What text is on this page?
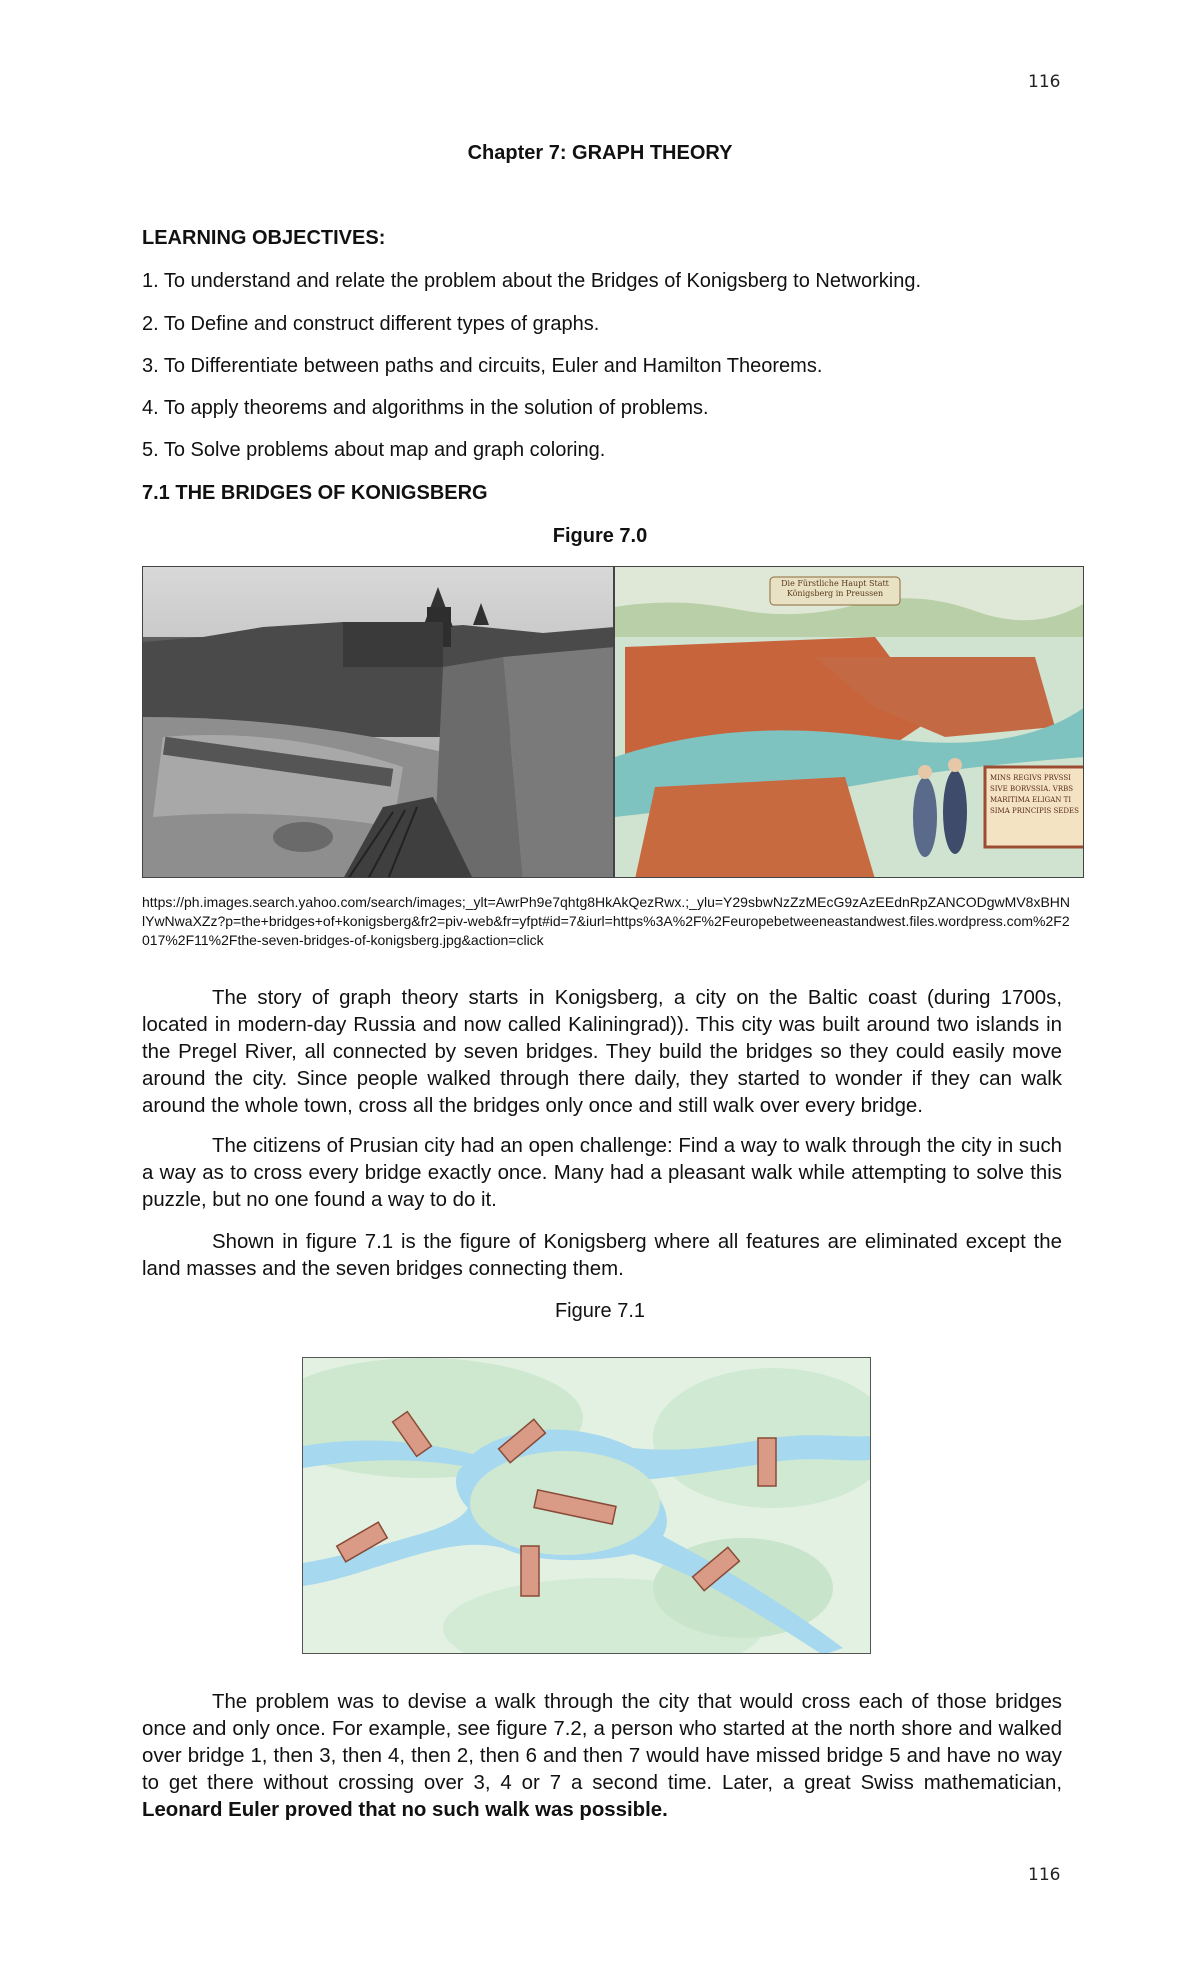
116
Chapter 7: GRAPH THEORY
LEARNING OBJECTIVES:
1. To understand and relate the problem about the Bridges of Konigsberg to Networking.
2. To Define and construct different types of graphs.
3. To Differentiate between paths and circuits, Euler and Hamilton Theorems.
4. To apply theorems and algorithms in the solution of problems.
5. To Solve problems about map and graph coloring.
7.1 THE BRIDGES OF KONIGSBERG
Figure 7.0
Die Fürstliche Haupt Statt Königsberg in Preussen
MINS REGIVS PRVSSI
SIVE BORVSSIA. VRBS
MARITIMA ELIGAN TI
SIMA PRINCIPIS SEDES
https://ph.images.search.yahoo.com/search/images;_ylt=AwrPh9e7qhtg8HkAkQezRwx.;_ylu=Y29sbwNzZzMEcG9zAzEEdnRpZANCODgwMV8xBHNlYwNwaXZz?p=the+bridges+of+konigsberg&fr2=piv-web&fr=yfpt#id=7&iurl=https%3A%2F%2Feuropebetweeneastandwest.files.wordpress.com%2F2017%2F11%2Fthe-seven-bridges-of-konigsberg.jpg&action=click
The story of graph theory starts in Konigsberg, a city on the Baltic coast (during 1700s, located in modern-day Russia and now called Kaliningrad)). This city was built around two islands in the Pregel River, all connected by seven bridges. They build the bridges so they could easily move around the city. Since people walked through there daily, they started to wonder if they can walk around the whole town, cross all the bridges only once and still walk over every bridge.
The citizens of Prusian city had an open challenge: Find a way to walk through the city in such a way as to cross every bridge exactly once. Many had a pleasant walk while attempting to solve this puzzle, but no one found a way to do it.
Shown in figure 7.1 is the figure of Konigsberg where all features are eliminated except the land masses and the seven bridges connecting them.
Figure 7.1
The problem was to devise a walk through the city that would cross each of those bridges once and only once. For example, see figure 7.2, a person who started at the north shore and walked over bridge 1, then 3, then 4, then 2, then 6 and then 7 would have missed bridge 5 and have no way to get there without crossing over 3, 4 or 7 a second time. Later, a great Swiss mathematician, Leonard Euler proved that no such walk was possible.
116
